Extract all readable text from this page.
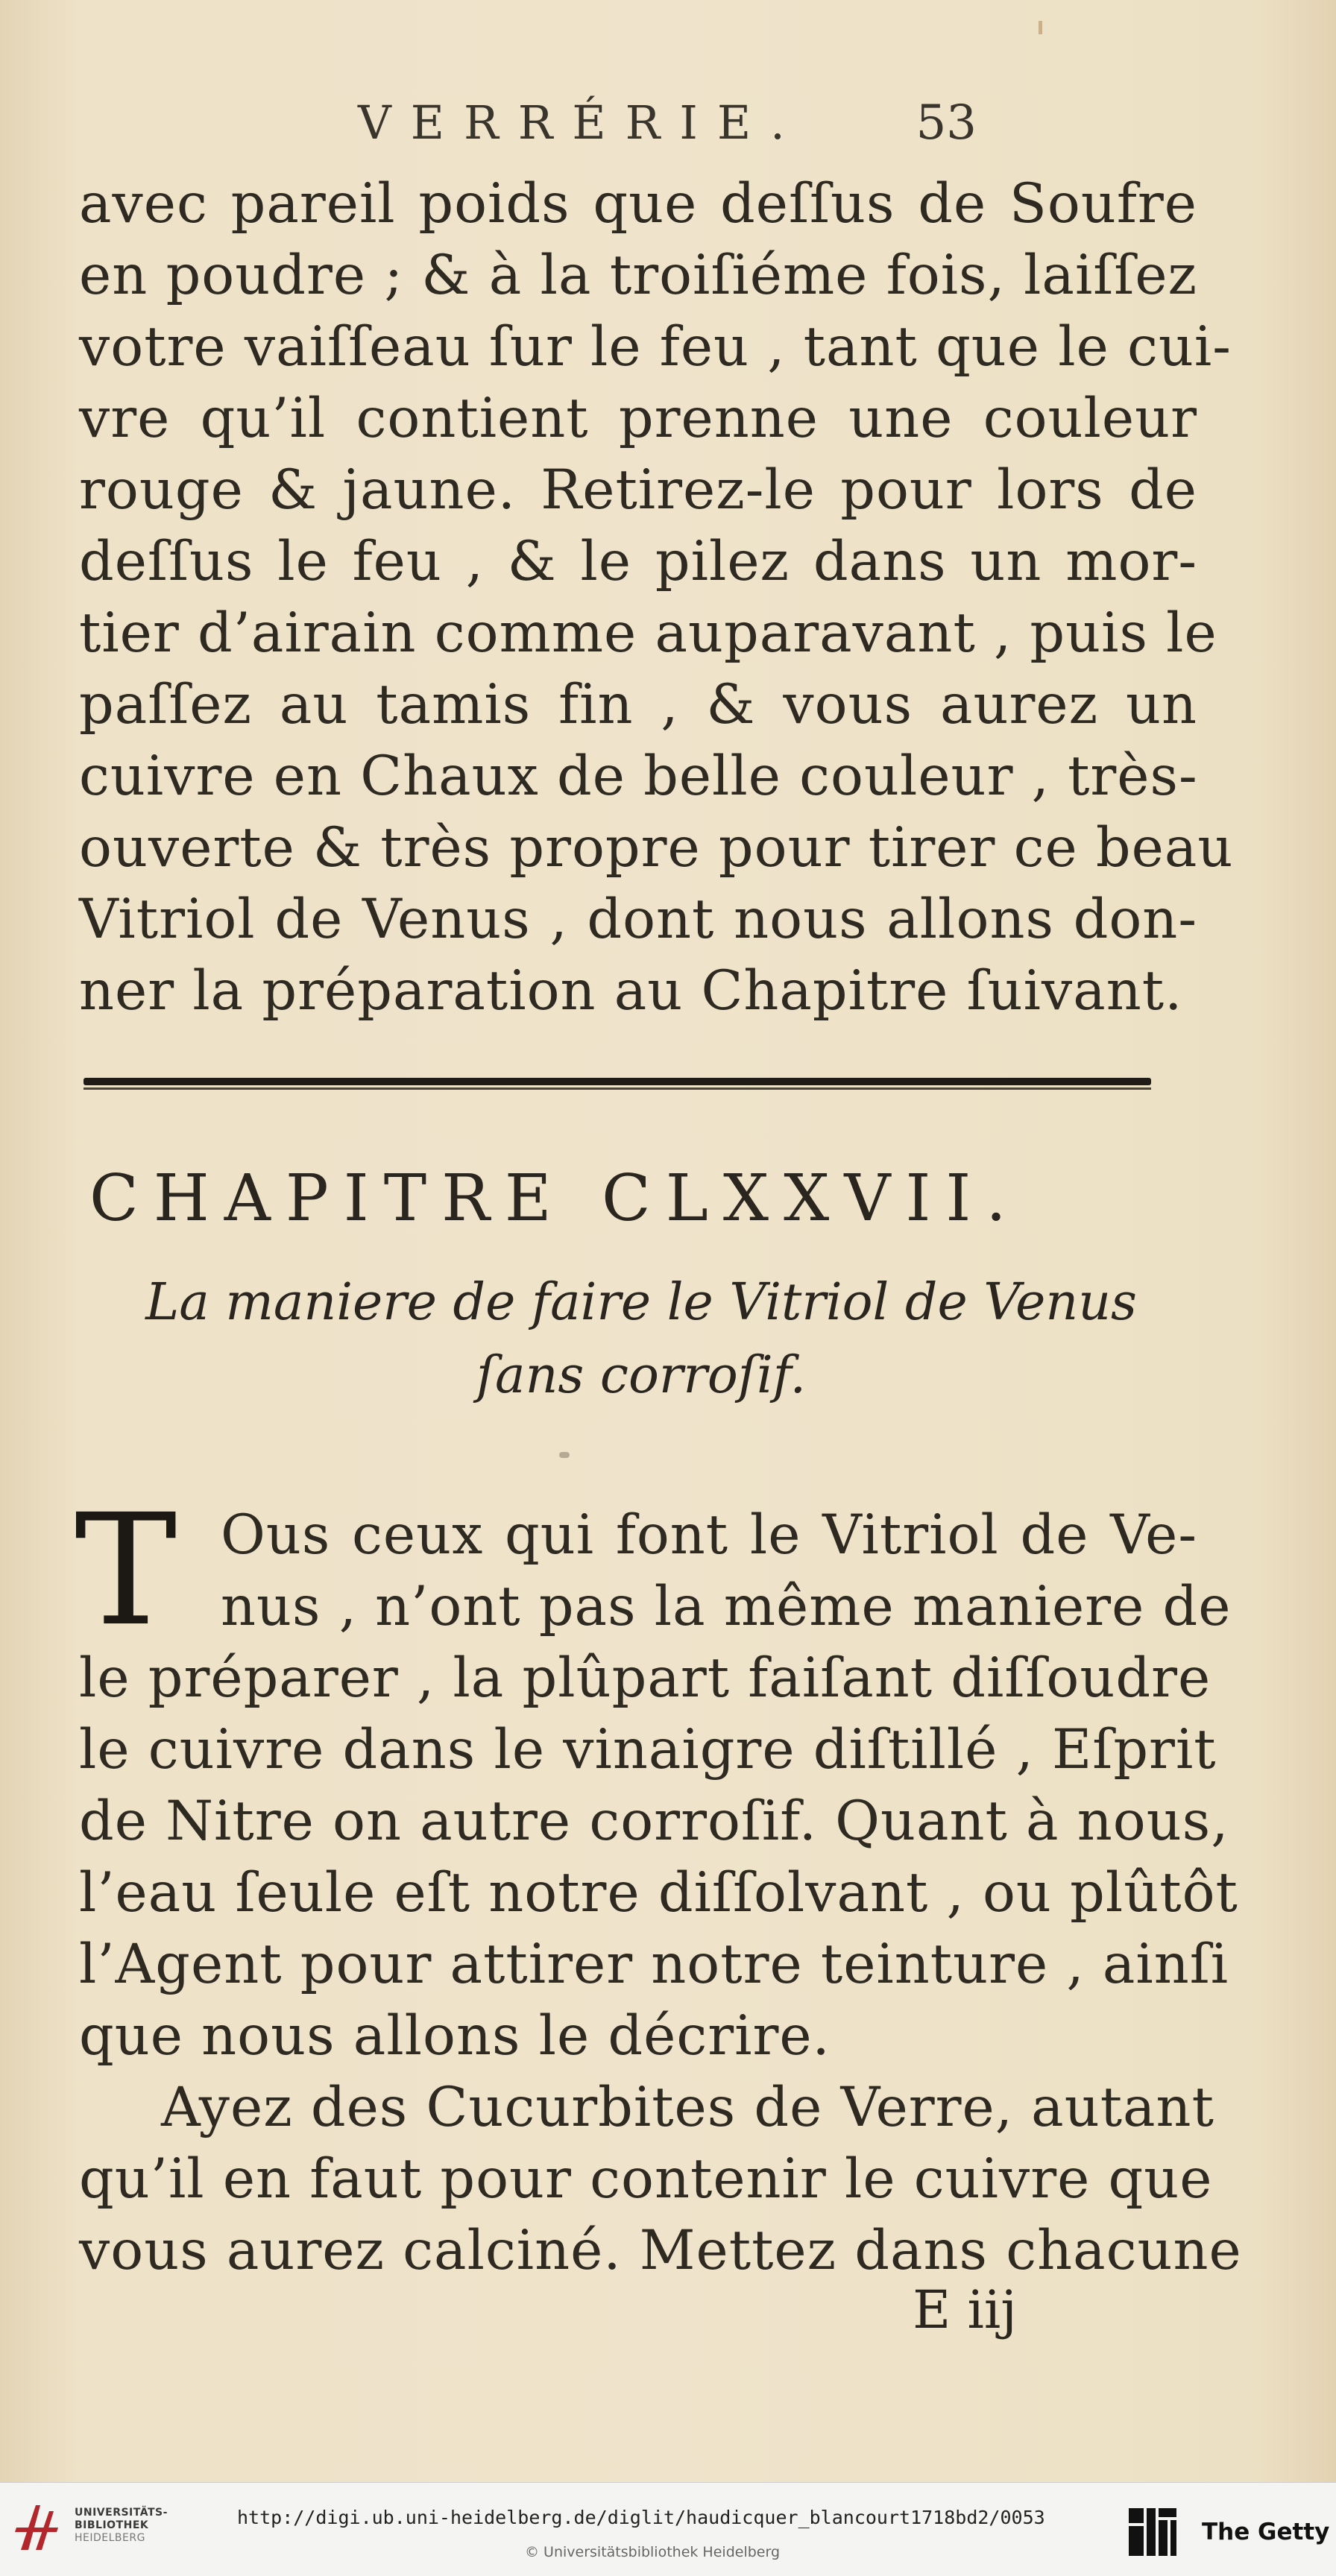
VERRÉRIE. 53
avec pareil poids que deſſus de Soufre
en poudre ; & à la troiſiéme fois, laiſſez
votre vaiſſeau ſur le feu , tant que le cui-
vre qu’il contient prenne une couleur
rouge & jaune. Retirez-le pour lors de
deſſus le feu , & le pilez dans un mor-
tier d’airain comme auparavant , puis le
paſſez au tamis fin , & vous aurez un
cuivre en Chaux de belle couleur , très-
ouverte & très propre pour tirer ce beau
Vitriol de Venus , dont nous allons don-
ner la préparation au Chapitre ſuivant.
CHAPITRE CLXXVII.
La maniere de faire le Vitriol de Venus
ſans corroſif.
T Ous ceux qui font le Vitriol de Ve-
nus , n’ont pas la même maniere de
le préparer , la plûpart faiſant diſſoudre
le cuivre dans le vinaigre diſtillé , Eſprit
de Nitre on autre corroſif. Quant à nous,
l’eau ſeule eſt notre diſſolvant , ou plûtôt
l’Agent pour attirer notre teinture , ainſi
que nous allons le décrire.
Ayez des Cucurbites de Verre, autant
qu’il en faut pour contenir le cuivre que
vous aurez calciné. Mettez dans chacune
E iij
UNIVERSITÄTS-
BIBLIOTHEK
HEIDELBERG
http://digi.ub.uni-heidelberg.de/diglit/haudicquer_blancourt1718bd2/0053
© Universitätsbibliothek Heidelberg
The Getty
